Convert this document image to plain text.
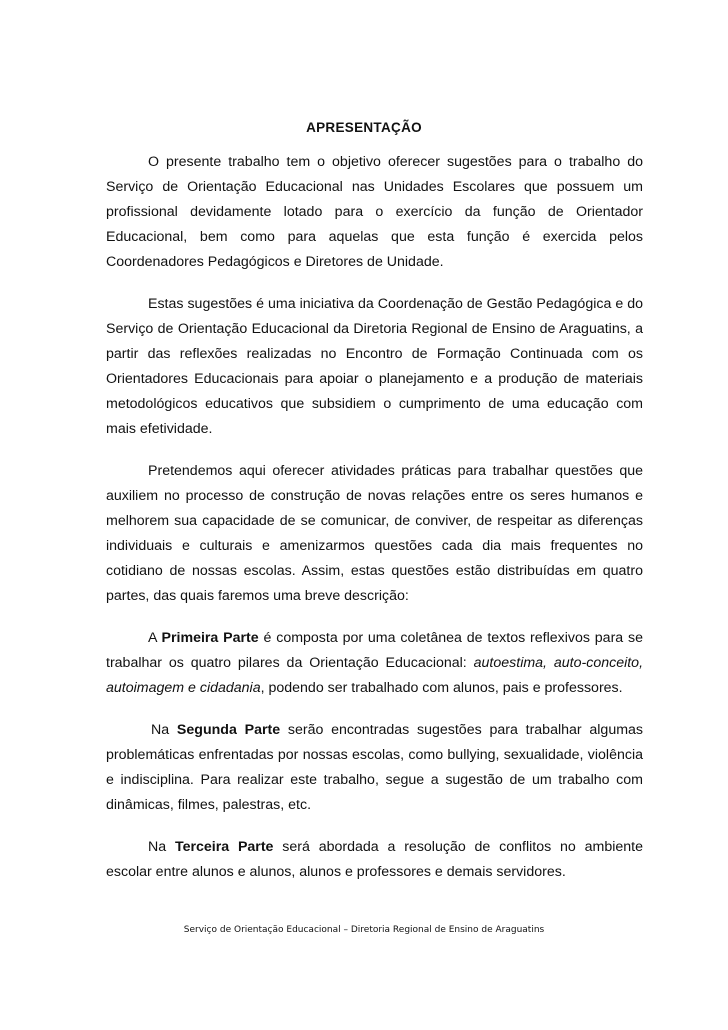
APRESENTAÇÃO

O presente trabalho tem o objetivo oferecer sugestões para o trabalho do Serviço de Orientação Educacional nas Unidades Escolares que possuem um profissional devidamente lotado para o exercício da função de Orientador Educacional, bem como para aquelas que esta função é exercida pelos Coordenadores Pedagógicos e Diretores de Unidade.

Estas sugestões é uma iniciativa da Coordenação de Gestão Pedagógica e do Serviço de Orientação Educacional da Diretoria Regional de Ensino de Araguatins, a partir das reflexões realizadas no Encontro de Formação Continuada com os Orientadores Educacionais para apoiar o planejamento e a produção de materiais metodológicos educativos que subsidiem o cumprimento de uma educação com mais efetividade.

Pretendemos aqui oferecer atividades práticas para trabalhar questões que auxiliem no processo de construção de novas relações entre os seres humanos e melhorem sua capacidade de se comunicar, de conviver, de respeitar as diferenças individuais e culturais e amenizarmos questões cada dia mais frequentes no cotidiano de nossas escolas. Assim, estas questões estão distribuídas em quatro partes, das quais faremos uma breve descrição:

A Primeira Parte é composta por uma coletânea de textos reflexivos para se trabalhar os quatro pilares da Orientação Educacional: autoestima, auto-conceito, autoimagem e cidadania, podendo ser trabalhado com alunos, pais e professores.

Na Segunda Parte serão encontradas sugestões para trabalhar algumas problemáticas enfrentadas por nossas escolas, como bullying, sexualidade, violência e indisciplina. Para realizar este trabalho, segue a sugestão de um trabalho com dinâmicas, filmes, palestras, etc.

Na Terceira Parte será abordada a resolução de conflitos no ambiente escolar entre alunos e alunos, alunos e professores e demais servidores.

Serviço de Orientação Educacional – Diretoria Regional de Ensino de Araguatins
